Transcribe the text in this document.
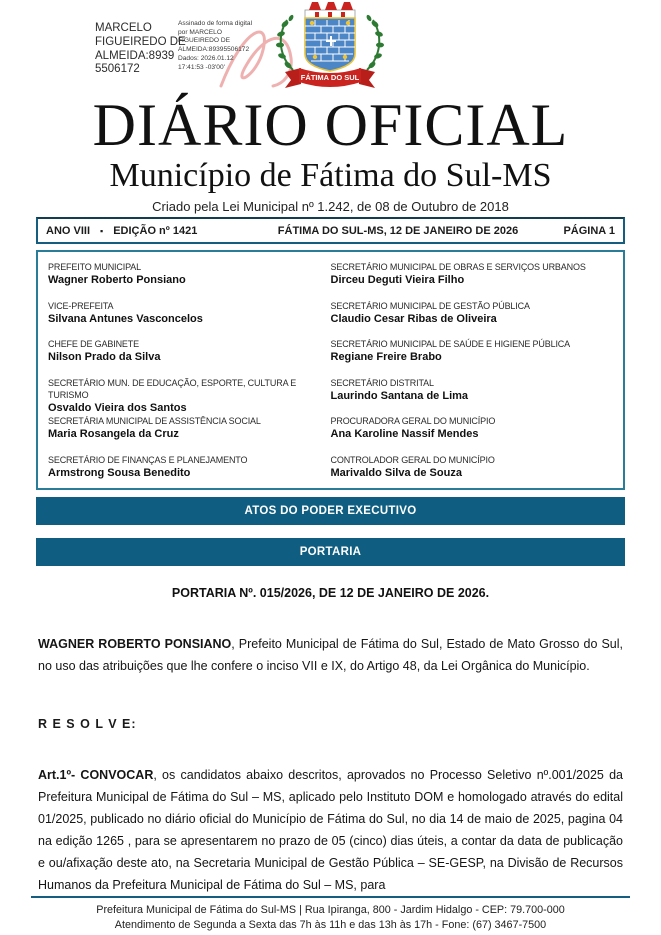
MARCELO FIGUEIREDO DE ALMEIDA:8939 5506172
Assinado de forma digital por MARCELO FIGUEIREDO DE ALMEIDA:89395506172 Dados: 2026.01.12 17:41:53 -03'00'
FÁTIMA DO SUL
DIÁRIO OFICIAL
Município de Fátima do Sul-MS
Criado pela Lei Municipal nº 1.242, de 08 de Outubro de 2018
ANO VIII ▪ EDIÇÃO nº 1421	FÁTIMA DO SUL-MS, 12 DE JANEIRO DE 2026	PÁGINA 1
PREFEITO MUNICIPAL
Wagner Roberto Ponsiano
VICE-PREFEITA
Silvana Antunes Vasconcelos
CHEFE DE GABINETE
Nilson Prado da Silva
SECRETÁRIO MUN. DE EDUCAÇÃO, ESPORTE, CULTURA E TURISMO
Osvaldo Vieira dos Santos
SECRETÁRIA MUNICIPAL DE ASSISTÊNCIA SOCIAL
Maria Rosangela da Cruz
SECRETÁRIO DE FINANÇAS E PLANEJAMENTO
Armstrong Sousa Benedito
SECRETÁRIO MUNICIPAL DE OBRAS E SERVIÇOS URBANOS
Dirceu Deguti Vieira Filho
SECRETÁRIO MUNICIPAL DE GESTÃO PÚBLICA
Claudio Cesar Ribas de Oliveira
SECRETÁRIO MUNICIPAL DE SAÚDE E HIGIENE PÚBLICA
Regiane Freire Brabo
SECRETÁRIO DISTRITAL
Laurindo Santana de Lima
PROCURADORA GERAL DO MUNICÍPIO
Ana Karoline Nassif Mendes
CONTROLADOR GERAL DO MUNICÍPIO
Marivaldo Silva de Souza
ATOS DO PODER EXECUTIVO
PORTARIA
PORTARIA Nº. 015/2026, DE 12 DE JANEIRO DE 2026.
WAGNER ROBERTO PONSIANO, Prefeito Municipal de Fátima do Sul, Estado de Mato Grosso do Sul, no uso das atribuições que lhe confere o inciso VII e IX, do Artigo 48, da Lei Orgânica do Município.
R E S O L V E:
Art.1º- CONVOCAR, os candidatos abaixo descritos, aprovados no Processo Seletivo nº.001/2025 da Prefeitura Municipal de Fátima do Sul – MS, aplicado pelo Instituto DOM e homologado através do edital 01/2025, publicado no diário oficial do Município de Fátima do Sul, no dia 14 de maio de 2025, pagina 04 na edição 1265 , para se apresentarem no prazo de 05 (cinco) dias úteis, a contar da data de publicação e ou/afixação deste ato, na Secretaria Municipal de Gestão Pública – SE-GESP, na Divisão de Recursos Humanos da Prefeitura Municipal de Fátima do Sul – MS, para
Prefeitura Municipal de Fátima do Sul-MS | Rua Ipiranga, 800 - Jardim Hidalgo - CEP: 79.700-000
Atendimento de Segunda a Sexta das 7h às 11h e das 13h às 17h - Fone: (67) 3467-7500
